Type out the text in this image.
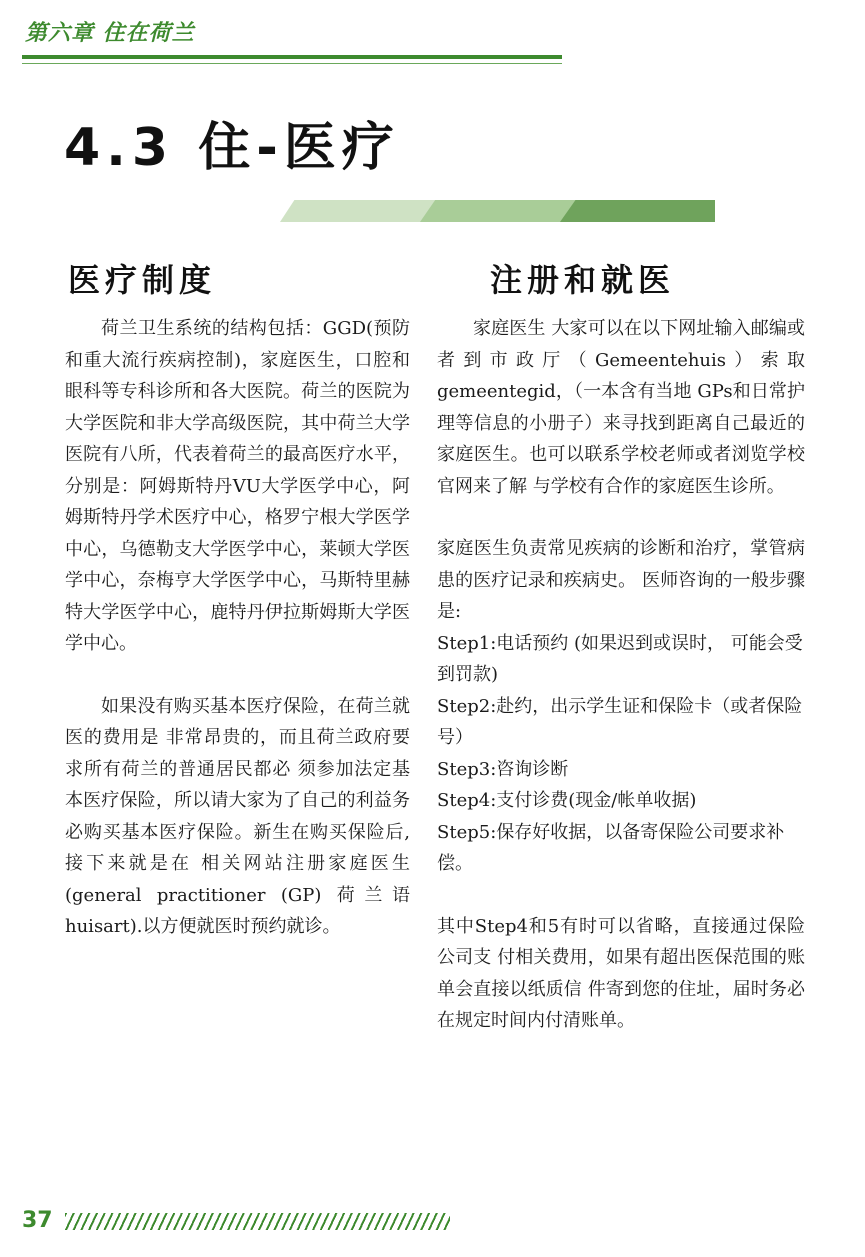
第六章 住在荷兰
4.3 住-医疗
医疗制度	注册和就医

荷兰卫生系统的结构包括：GGD(预防和重大流行疾病控制)，家庭医生，口腔和眼科等专科诊所和各大医院。荷兰的医院为大学医院和非大学高级医院，其中荷兰大学医院有八所，代表着荷兰的最高医疗水平，分别是：阿姆斯特丹VU大学医学中心，阿姆斯特丹学术医疗中心，格罗宁根大学医学中心，乌德勒支大学医学中心，莱顿大学医学中心，奈梅亨大学医学中心，马斯特里赫特大学医学中心，鹿特丹伊拉斯姆斯大学医学中心。

如果没有购买基本医疗保险，在荷兰就医的费用是 非常昂贵的，而且荷兰政府要求所有荷兰的普通居民都必 须参加法定基本医疗保险，所以请大家为了自己的利益务 必购买基本医疗保险。新生在购买保险后, 接下来就是在 相关网站注册家庭医生 (general practitioner (GP) 荷兰语 huisart).以方便就医时预约就诊。

家庭医生 大家可以在以下网址输入邮编或者到市政厅（Gemeentehuis）索取gemeentegid，（一本含有当地 GPs和日常护理等信息的小册子）来寻找到距离自己最近的家庭医生。也可以联系学校老师或者浏览学校官网来了解 与学校有合作的家庭医生诊所。

家庭医生负责常见疾病的诊断和治疗，掌管病患的医疗记录和疾病史。 医师咨询的一般步骤是:

Step1:电话预约 (如果迟到或误时， 可能会受到罚款)

Step2:赴约，出示学生证和保险卡（或者保险号）

Step3:咨询诊断

Step4:支付诊费(现金/帐单收据)

Step5:保存好收据，以备寄保险公司要求补偿。

其中Step4和5有时可以省略，直接通过保险公司支 付相关费用，如果有超出医保范围的账单会直接以纸质信 件寄到您的住址，届时务必在规定时间内付清账单。

37
